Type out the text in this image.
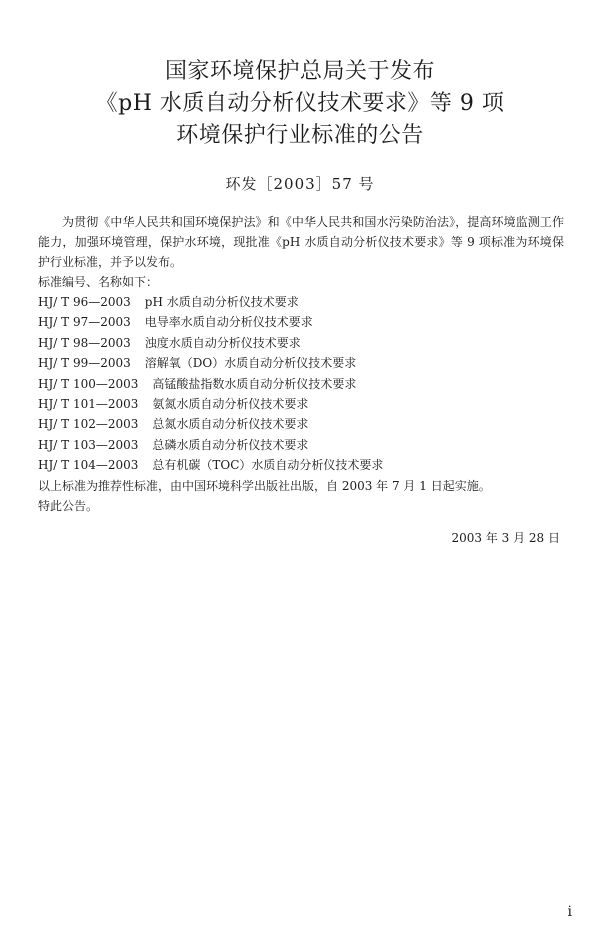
国家环境保护总局关于发布
《pH 水质自动分析仪技术要求》等 9 项
环境保护行业标准的公告
环发［2003］57 号

为贯彻《中华人民共和国环境保护法》和《中华人民共和国水污染防治法》，提高环境监测工作能力，加强环境管理，保护水环境，现批准《pH 水质自动分析仪技术要求》等 9 项标准为环境保护行业标准，并予以发布。

标准编号、名称如下：

HJ/ T 96—2003 pH 水质自动分析仪技术要求
HJ/ T 97—2003 电导率水质自动分析仪技术要求
HJ/ T 98—2003 浊度水质自动分析仪技术要求
HJ/ T 99—2003 溶解氧（DO）水质自动分析仪技术要求
HJ/ T 100—2003 高锰酸盐指数水质自动分析仪技术要求
HJ/ T 101—2003 氨氮水质自动分析仪技术要求
HJ/ T 102—2003 总氮水质自动分析仪技术要求
HJ/ T 103—2003 总磷水质自动分析仪技术要求
HJ/ T 104—2003 总有机碳（TOC）水质自动分析仪技术要求

以上标准为推荐性标准，由中国环境科学出版社出版，自 2003 年 7 月 1 日起实施。

特此公告。

2003 年 3 月 28 日
i
